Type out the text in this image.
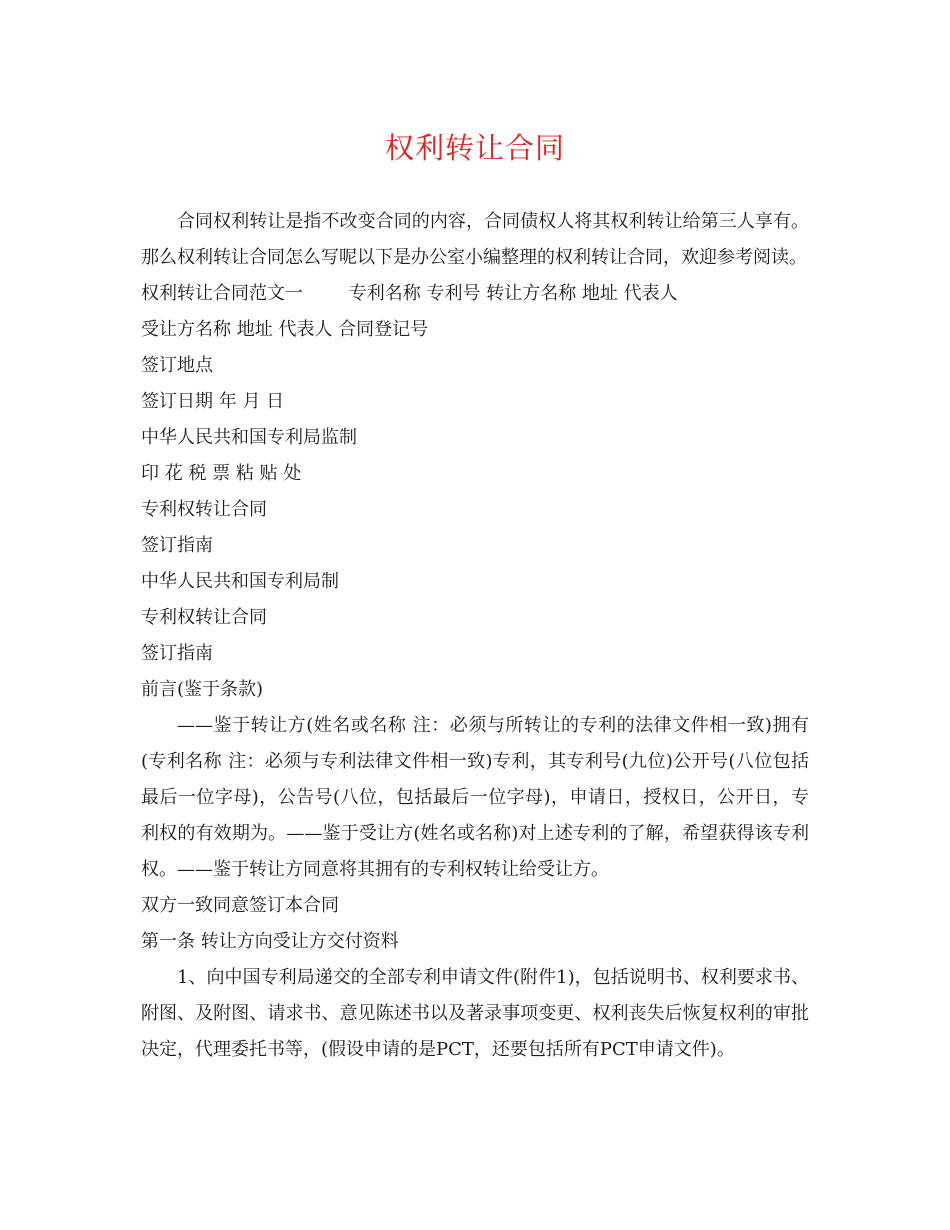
权利转让合同

合同权利转让是指不改变合同的内容，合同债权人将其权利转让给第三人享有。那么权利转让合同怎么写呢以下是办公室小编整理的权利转让合同，欢迎参考阅读。

权利转让合同范文一        专利名称 专利号 转让方名称 地址 代表人

受让方名称 地址 代表人 合同登记号

签订地点

签订日期 年 月 日

中华人民共和国专利局监制

印 花 税 票 粘 贴 处

专利权转让合同

签订指南

中华人民共和国专利局制

专利权转让合同

签订指南

前言(鉴于条款)

——鉴于转让方(姓名或名称 注：必须与所转让的专利的法律文件相一致)拥有(专利名称 注：必须与专利法律文件相一致)专利，其专利号(九位)公开号(八位包括最后一位字母)，公告号(八位，包括最后一位字母)，申请日，授权日，公开日，专利权的有效期为。——鉴于受让方(姓名或名称)对上述专利的了解，希望获得该专利权。——鉴于转让方同意将其拥有的专利权转让给受让方。

双方一致同意签订本合同

第一条 转让方向受让方交付资料

1、向中国专利局递交的全部专利申请文件(附件1)，包括说明书、权利要求书、附图、及附图、请求书、意见陈述书以及著录事项变更、权利丧失后恢复权利的审批决定，代理委托书等，(假设申请的是PCT，还要包括所有PCT申请文件)。
